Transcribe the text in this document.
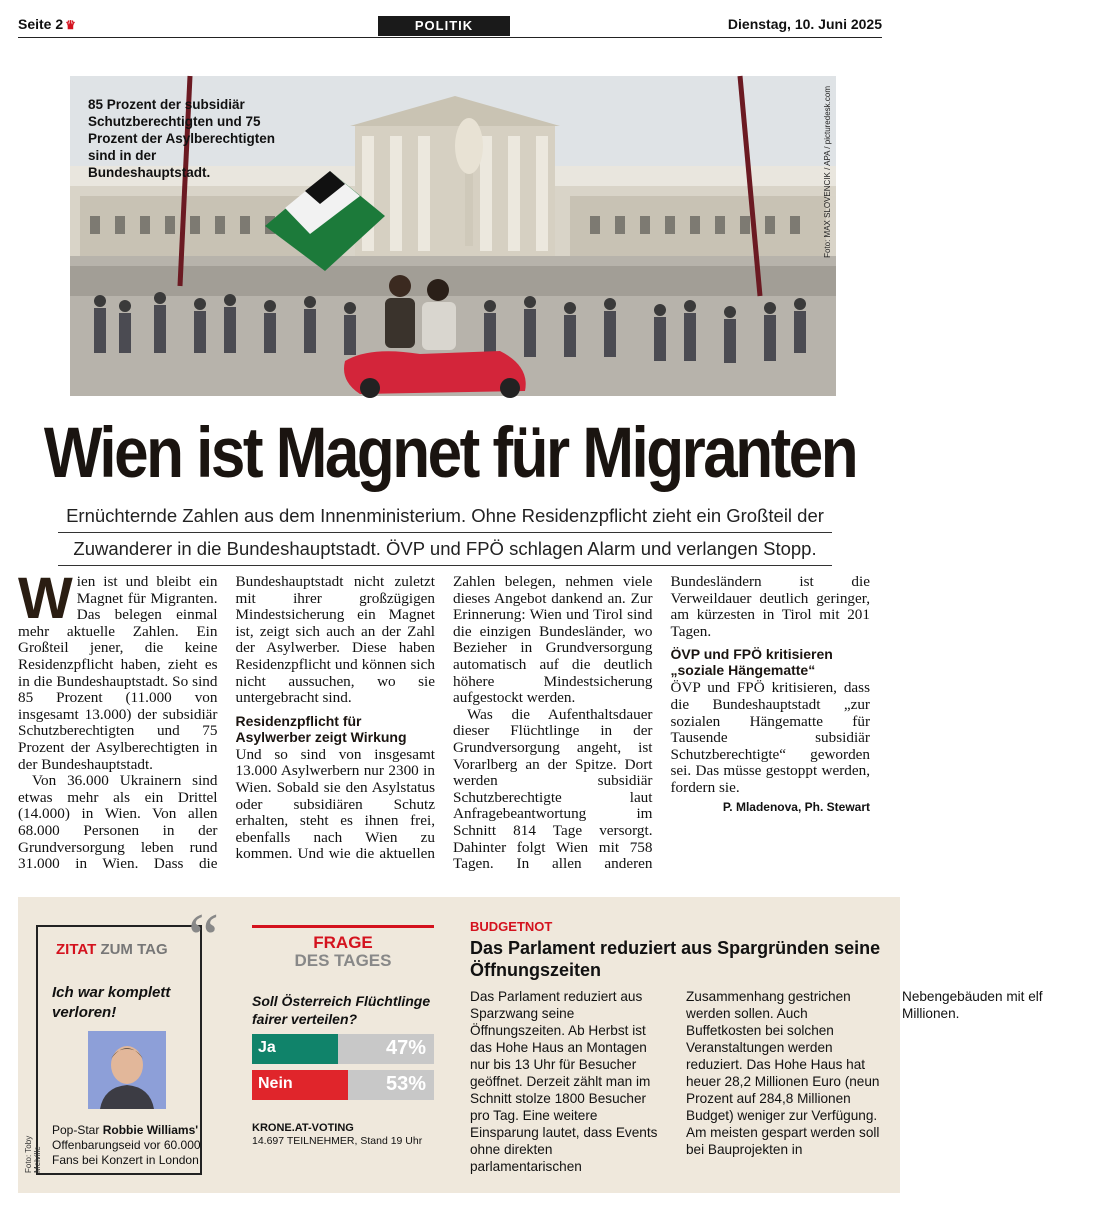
Seite 2 ♛	POLITIK	Dienstag, 10. Juni 2025
85 Prozent der subsidiär Schutzberechtigten und 75 Prozent der Asylberechtigten sind in der Bundeshauptstadt.	Foto: MAX SLOVENCIK / APA / picturedesk.com
Wien ist Magnet für Migranten
Ernüchternde Zahlen aus dem Innenministerium. Ohne Residenzpflicht zieht ein Großteil der
Zuwanderer in die Bundeshauptstadt. ÖVP und FPÖ schlagen Alarm und verlangen Stopp.

Wien ist und bleibt ein Magnet für Migranten. Das belegen einmal mehr aktuelle Zahlen. Ein Großteil jener, die keine Residenzpflicht haben, zieht es in die Bundeshauptstadt. So sind 85 Prozent (11.000 von insgesamt 13.000) der subsidiär Schutzberechtigten und 75 Prozent der Asylberechtigten in der Bundeshauptstadt.

Von 36.000 Ukrainern sind etwas mehr als ein Drittel (14.000) in Wien. Von allen 68.000 Personen in der Grundversorgung leben rund 31.000 in Wien. Dass die Bundeshauptstadt nicht zuletzt mit ihrer großzügigen Mindestsicherung ein Magnet ist, zeigt sich auch an der Zahl der Asylwerber. Diese haben Residenzpflicht und können sich nicht aussuchen, wo sie untergebracht sind.

Residenzpflicht für Asylwerber zeigt Wirkung

Und so sind von insgesamt 13.000 Asylwerbern nur 2300 in Wien. Sobald sie den Asylstatus oder subsidiären Schutz erhalten, steht es ihnen frei, ebenfalls nach Wien zu kommen. Und wie die aktuellen Zahlen belegen, nehmen viele dieses Angebot dankend an. Zur Erinnerung: Wien und Tirol sind die einzigen Bundesländer, wo Bezieher in Grundversorgung automatisch auf die deutlich höhere Mindestsicherung aufgestockt werden.

Was die Aufenthaltsdauer dieser Flüchtlinge in der Grundversorgung angeht, ist Vorarlberg an der Spitze. Dort werden subsidiär Schutzberechtigte laut Anfragebeantwortung im Schnitt 814 Tage versorgt. Dahinter folgt Wien mit 758 Tagen. In allen anderen Bundesländern ist die Verweildauer deutlich geringer, am kürzesten in Tirol mit 201 Tagen.

ÖVP und FPÖ kritisieren „soziale Hängematte“

ÖVP und FPÖ kritisieren, dass die Bundeshauptstadt „zur sozialen Hängematte für Tausende subsidiär Schutzberechtigte“ geworden sei. Das müsse gestoppt werden, fordern sie.

P. Mladenova, Ph. Stewart
ZITAT ZUM TAG
Ich war komplett verloren!
Pop-Star Robbie Williams' Offenbarungseid vor 60.000 Fans bei Konzert in London
Foto: Toby Melville
“	FRAGE
DES TAGES
Soll Österreich Flüchtlinge fairer verteilen?
Ja	47%
Nein	53%
KRONE.AT-VOTING
14.697 TEILNEHMER, Stand 19 Uhr
BUDGETNOT
Das Parlament reduziert aus Spargründen seine Öffnungszeiten
Das Parlament reduziert aus Sparzwang seine Öffnungszeiten. Ab Herbst ist das Hohe Haus an Montagen nur bis 13 Uhr für Besucher geöffnet. Derzeit zählt man im Schnitt stolze 1800 Besucher pro Tag. Eine weitere Einsparung lautet, dass Events ohne direkten parlamentarischen Zusammenhang gestrichen werden sollen. Auch Buffetkosten bei solchen Veranstaltungen werden reduziert. Das Hohe Haus hat heuer 28,2 Millionen Euro (neun Prozent auf 284,8 Millionen Budget) weniger zur Verfügung. Am meisten gespart werden soll bei Bauprojekten in Nebengebäuden mit elf Millionen.
